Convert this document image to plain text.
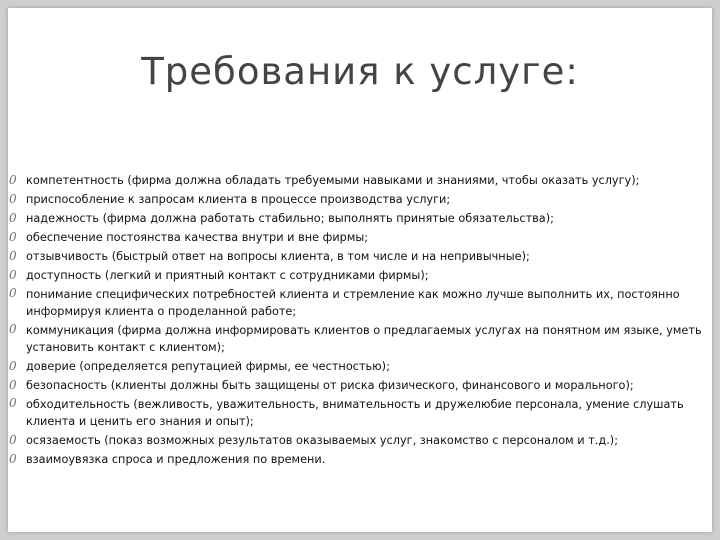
Требования к услуге:
0 компетентность (фирма должна обладать требуемыми навыками и знаниями, чтобы оказать услугу);
0 приспособление к запросам клиента в процессе производства услуги;
0 надежность (фирма должна работать стабильно; выполнять принятые обязательства);
0 обеспечение постоянства качества внутри и вне фирмы;
0 отзывчивость (быстрый ответ на вопросы клиента, в том числе и на непривычные);
0 доступность (легкий и приятный контакт с сотрудниками фирмы);
0 понимание специфических потребностей клиента и стремление как можно лучше выполнить их, постоянно информируя клиента о проделанной работе;
0 коммуникация (фирма должна информировать клиентов о предлагаемых услугах на понятном им языке, уметь установить контакт с клиентом);
0 доверие (определяется репутацией фирмы, ее честностью);
0 безопасность (клиенты должны быть защищены от риска физического, финансового и морального);
0 обходительность (вежливость, уважительность, внимательность и дружелюбие персонала, умение слушать клиента и ценить его знания и опыт);
0 осязаемость (показ возможных результатов оказываемых услуг, знакомство с персоналом и т.д.);
0 взаимоувязка спроса и предложения по времени.
